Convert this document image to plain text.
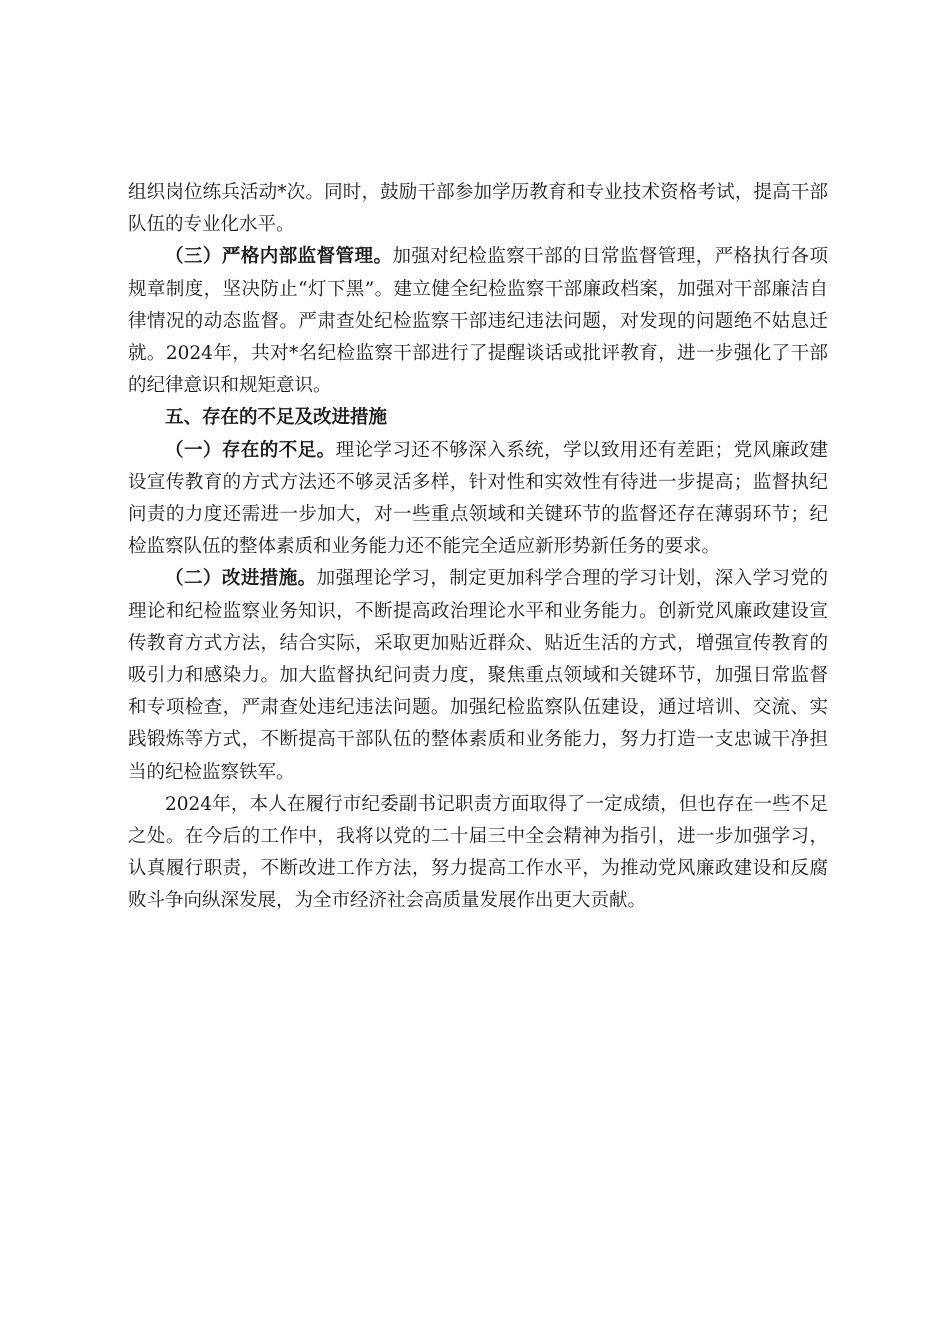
组织岗位练兵活动*次。同时，鼓励干部参加学历教育和专业技术资格考试，提高干部队伍的专业化水平。

（三）严格内部监督管理。加强对纪检监察干部的日常监督管理，严格执行各项规章制度，坚决防止“灯下黑”。建立健全纪检监察干部廉政档案，加强对干部廉洁自律情况的动态监督。严肃查处纪检监察干部违纪违法问题，对发现的问题绝不姑息迁就。2024年，共对*名纪检监察干部进行了提醒谈话或批评教育，进一步强化了干部的纪律意识和规矩意识。

五、存在的不足及改进措施

（一）存在的不足。理论学习还不够深入系统，学以致用还有差距；党风廉政建设宣传教育的方式方法还不够灵活多样，针对性和实效性有待进一步提高；监督执纪问责的力度还需进一步加大，对一些重点领域和关键环节的监督还存在薄弱环节；纪检监察队伍的整体素质和业务能力还不能完全适应新形势新任务的要求。

（二）改进措施。加强理论学习，制定更加科学合理的学习计划，深入学习党的理论和纪检监察业务知识，不断提高政治理论水平和业务能力。创新党风廉政建设宣传教育方式方法，结合实际，采取更加贴近群众、贴近生活的方式，增强宣传教育的吸引力和感染力。加大监督执纪问责力度，聚焦重点领域和关键环节，加强日常监督和专项检查，严肃查处违纪违法问题。加强纪检监察队伍建设，通过培训、交流、实践锻炼等方式，不断提高干部队伍的整体素质和业务能力，努力打造一支忠诚干净担当的纪检监察铁军。

2024年，本人在履行市纪委副书记职责方面取得了一定成绩，但也存在一些不足之处。在今后的工作中，我将以党的二十届三中全会精神为指引，进一步加强学习，认真履行职责，不断改进工作方法，努力提高工作水平，为推动党风廉政建设和反腐败斗争向纵深发展，为全市经济社会高质量发展作出更大贡献。
